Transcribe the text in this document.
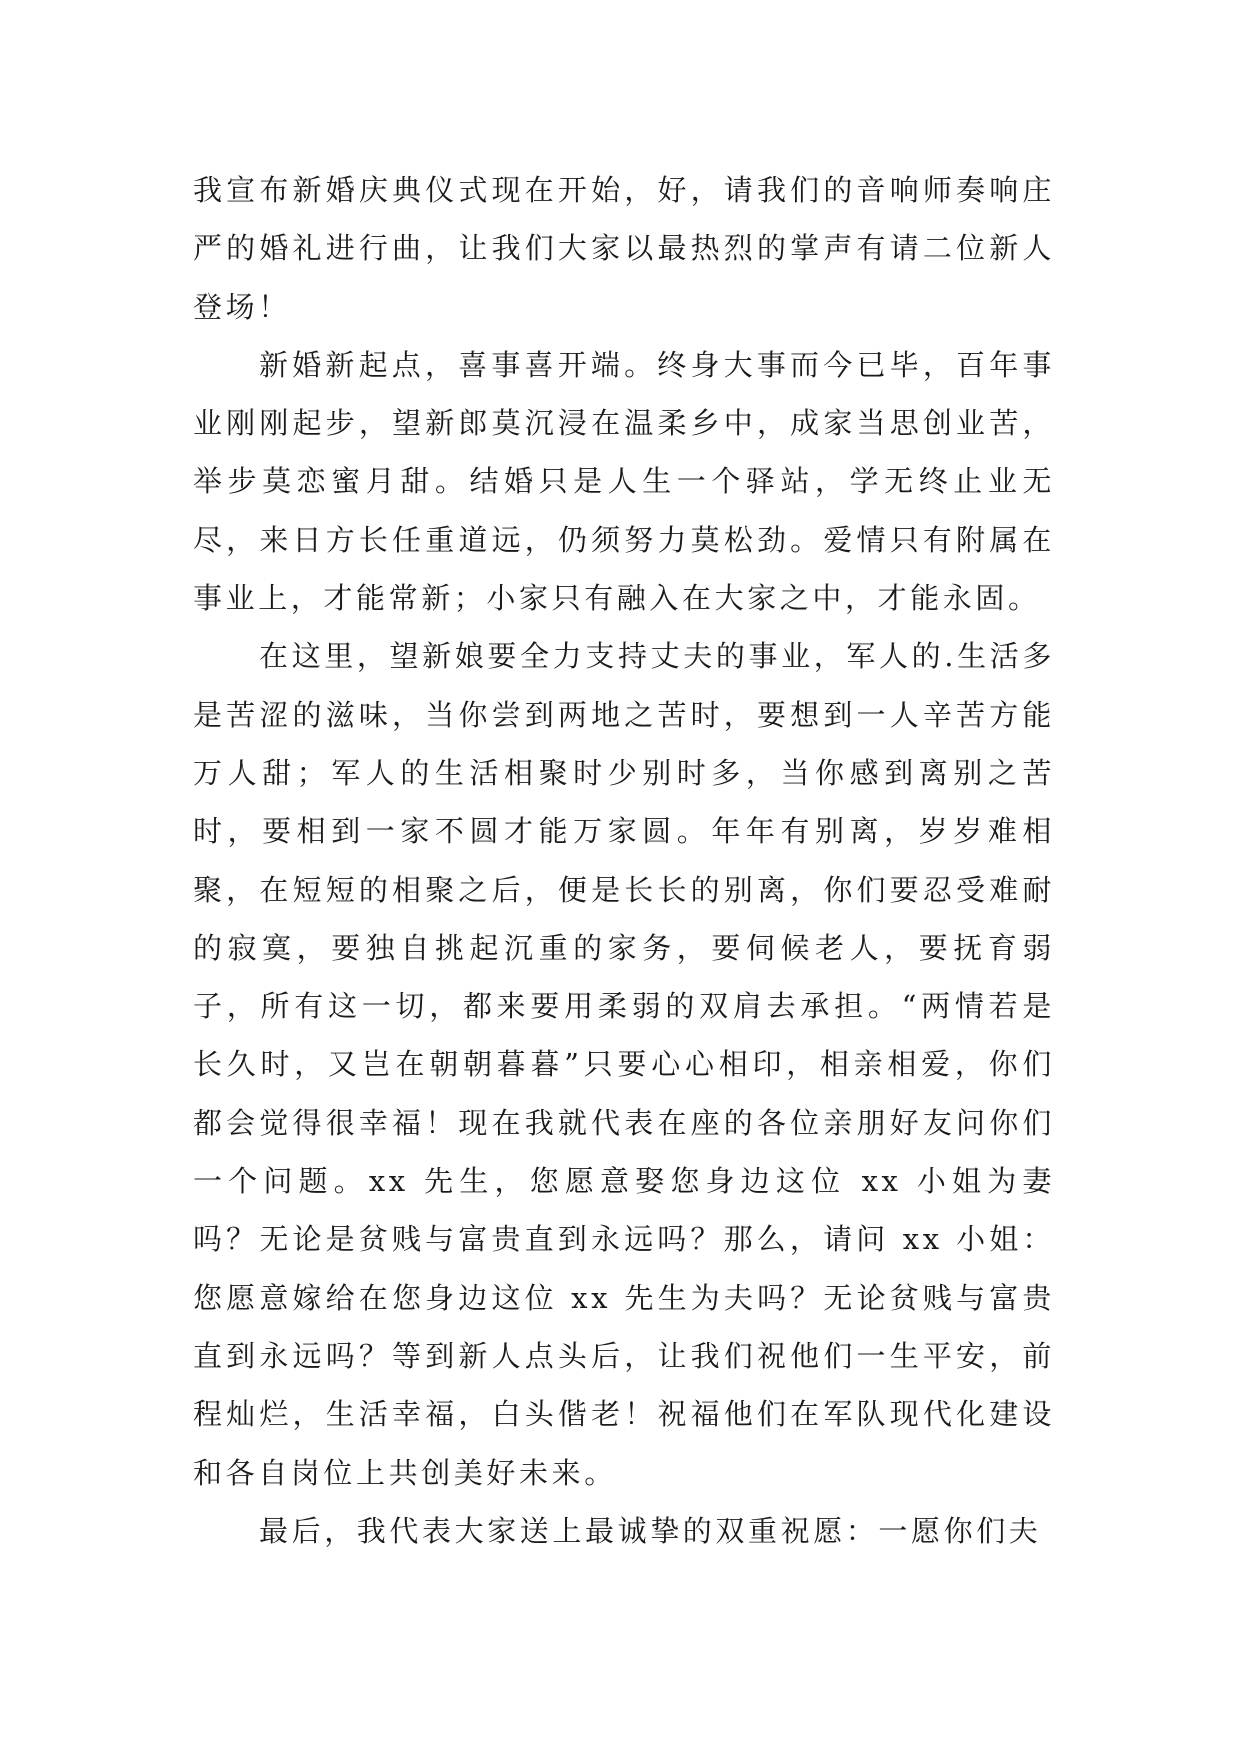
我宣布新婚庆典仪式现在开始，好，请我们的音响师奏响庄严的婚礼进行曲，让我们大家以最热烈的掌声有请二位新人登场！

新婚新起点，喜事喜开端。终身大事而今已毕，百年事业刚刚起步，望新郎莫沉浸在温柔乡中，成家当思创业苦，举步莫恋蜜月甜。结婚只是人生一个驿站，学无终止业无尽，来日方长任重道远，仍须努力莫松劲。爱情只有附属在事业上，才能常新；小家只有融入在大家之中，才能永固。

在这里，望新娘要全力支持丈夫的事业，军人的.生活多是苦涩的滋味，当你尝到两地之苦时，要想到一人辛苦方能万人甜；军人的生活相聚时少别时多，当你感到离别之苦时，要相到一家不圆才能万家圆。年年有别离，岁岁难相聚，在短短的相聚之后，便是长长的别离，你们要忍受难耐的寂寞，要独自挑起沉重的家务，要伺候老人，要抚育弱子，所有这一切，都来要用柔弱的双肩去承担。“两情若是长久时，又岂在朝朝暮暮”只要心心相印，相亲相爱，你们都会觉得很幸福！现在我就代表在座的各位亲朋好友问你们一个问题。xx 先生，您愿意娶您身边这位 xx 小姐为妻吗？无论是贫贱与富贵直到永远吗？那么，请问 xx 小姐：您愿意嫁给在您身边这位 xx 先生为夫吗？无论贫贱与富贵直到永远吗？等到新人点头后，让我们祝他们一生平安，前程灿烂，生活幸福，白头偕老！祝福他们在军队现代化建设和各自岗位上共创美好未来。

最后，我代表大家送上最诚挚的双重祝愿：一愿你们夫
